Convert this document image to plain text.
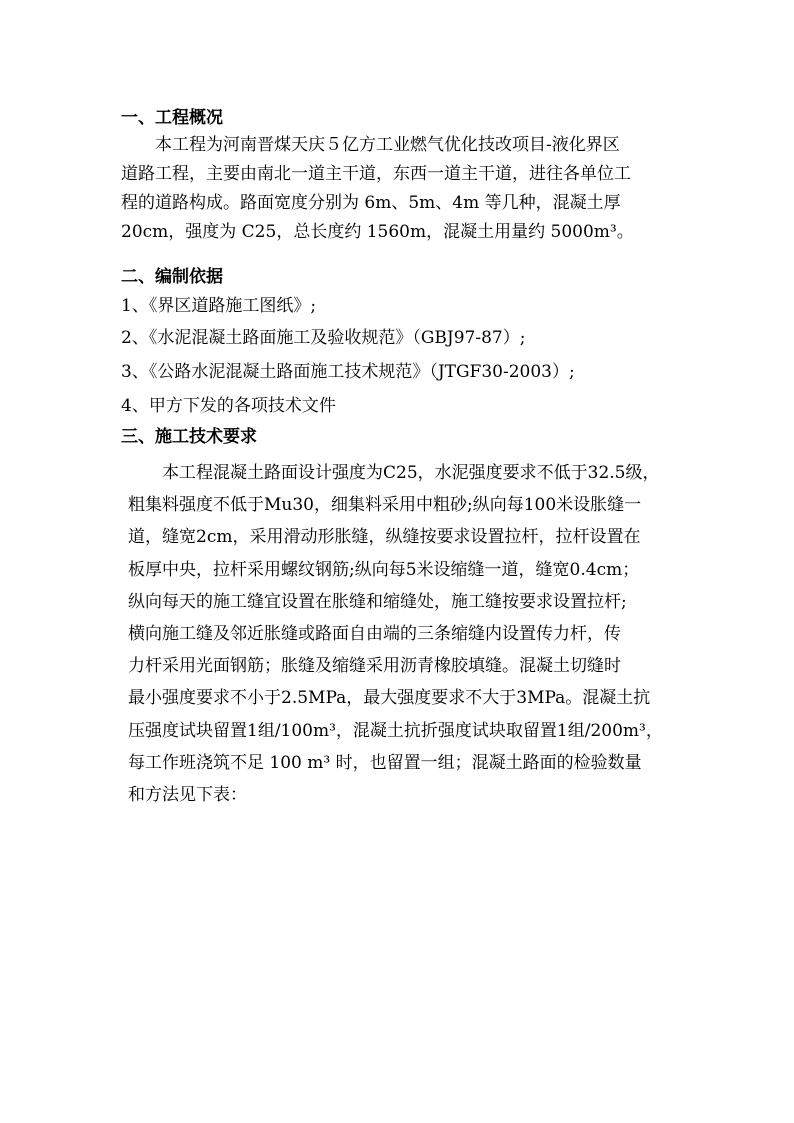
一、工程概况
本工程为河南晋煤天庆５亿方工业燃气优化技改项目-液化界区
道路工程，主要由南北一道主干道，东西一道主干道，进往各单位工
程的道路构成。路面宽度分别为 6m、5m、4m 等几种，混凝土厚
20cm，强度为 C25，总长度约 1560m，混凝土用量约 5000m³。
二、编制依据
1、《界区道路施工图纸》;
2、《水泥混凝土路面施工及验收规范》（GBJ97-87）;
3、《公路水泥混凝土路面施工技术规范》（JTGF30-2003）;
4、甲方下发的各项技术文件
三、施工技术要求
本工程混凝土路面设计强度为C25，水泥强度要求不低于32.5级，
粗集料强度不低于Mu30，细集料采用中粗砂;纵向每100米设胀缝一
道，缝宽2cm，采用滑动形胀缝，纵缝按要求设置拉杆，拉杆设置在
板厚中央，拉杆采用螺纹钢筋;纵向每5米设缩缝一道，缝宽0.4cm；
纵向每天的施工缝宜设置在胀缝和缩缝处，施工缝按要求设置拉杆;
横向施工缝及邻近胀缝或路面自由端的三条缩缝内设置传力杆，传
力杆采用光面钢筋；胀缝及缩缝采用沥青橡胶填缝。混凝土切缝时
最小强度要求不小于2.5MPa，最大强度要求不大于3MPa。混凝土抗
压强度试块留置1组/100m³，混凝土抗折强度试块取留置1组/200m³，
每工作班浇筑不足 100 m³ 时，也留置一组；混凝土路面的检验数量
和方法见下表：
